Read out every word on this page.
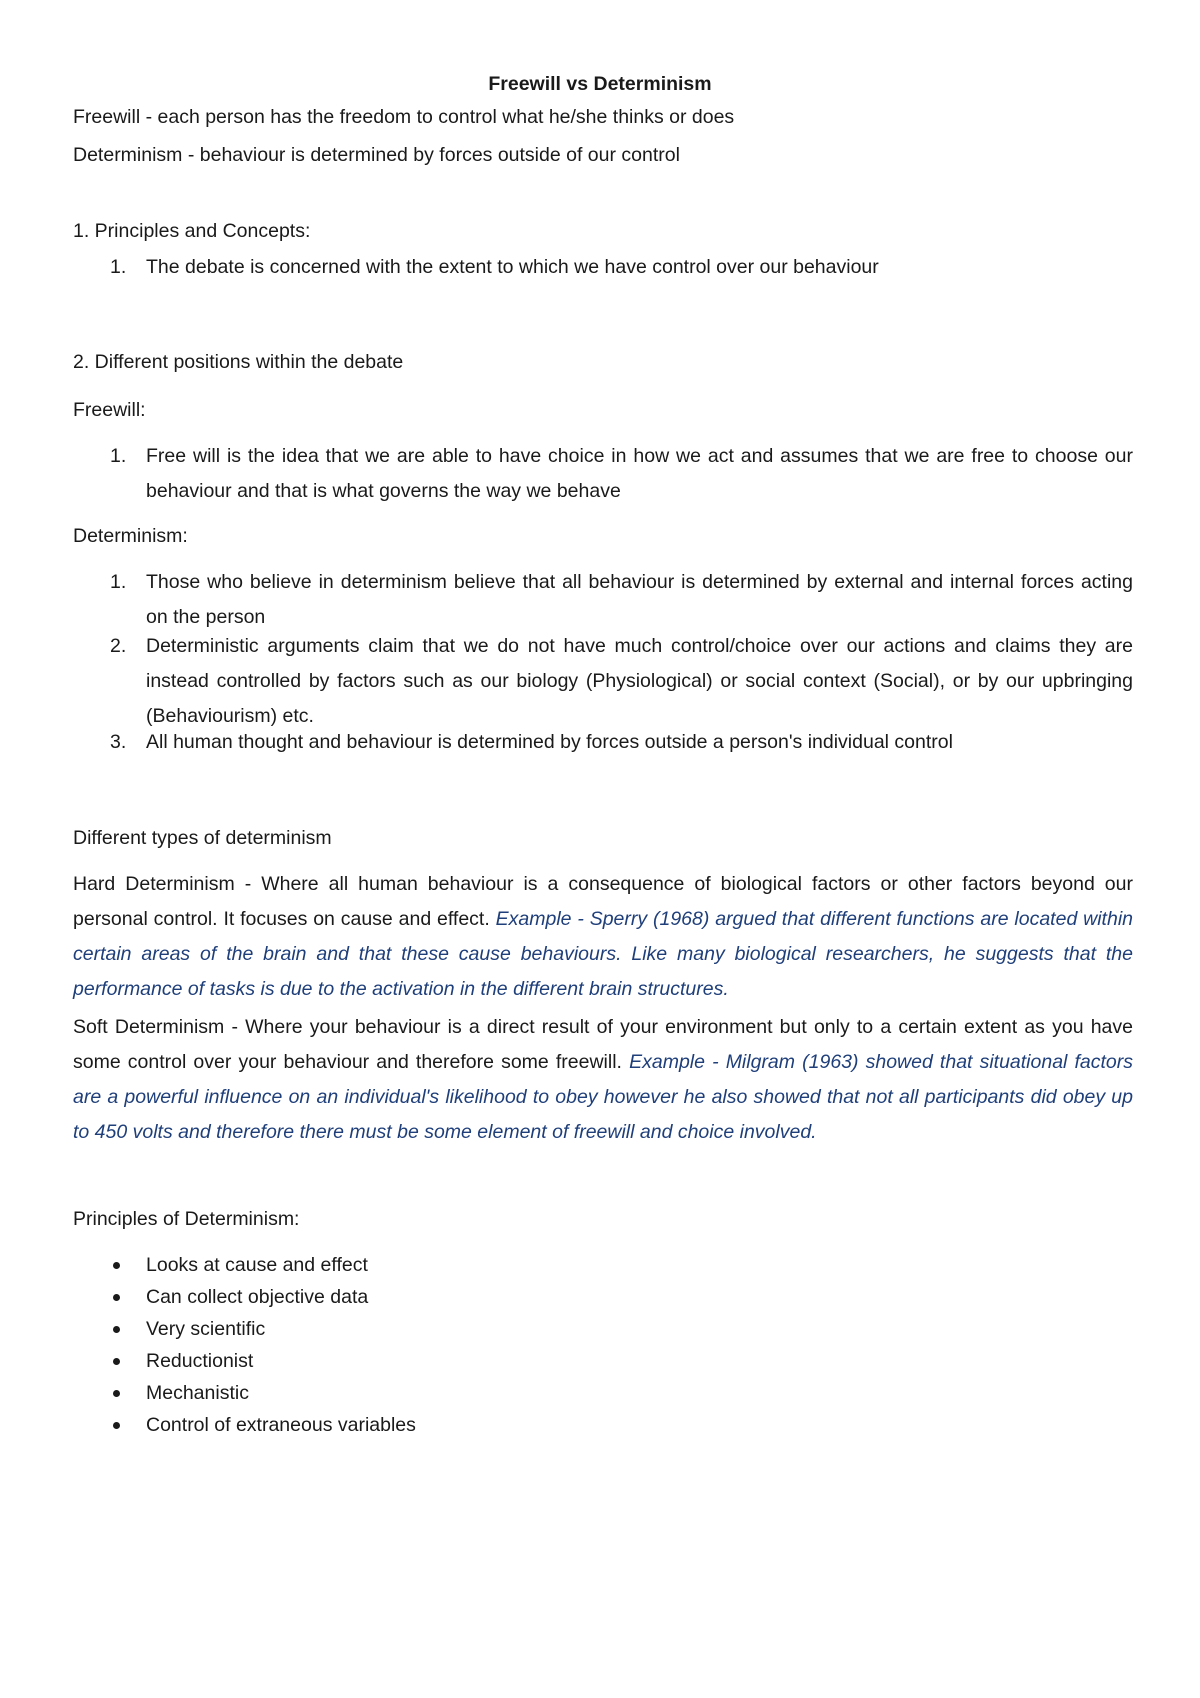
Freewill vs Determinism
Freewill - each person has the freedom to control what he/she thinks or does
Determinism - behaviour is determined by forces outside of our control
1. Principles and Concepts:
1. The debate is concerned with the extent to which we have control over our behaviour
2. Different positions within the debate
Freewill:
1. Free will is the idea that we are able to have choice in how we act and assumes that we are free to choose our behaviour and that is what governs the way we behave
Determinism:
1. Those who believe in determinism believe that all behaviour is determined by external and internal forces acting on the person
2. Deterministic arguments claim that we do not have much control/choice over our actions and claims they are instead controlled by factors such as our biology (Physiological) or social context (Social), or by our upbringing (Behaviourism) etc.
3. All human thought and behaviour is determined by forces outside a person's individual control
Different types of determinism
Hard Determinism - Where all human behaviour is a consequence of biological factors or other factors beyond our personal control. It focuses on cause and effect. Example - Sperry (1968) argued that different functions are located within certain areas of the brain and that these cause behaviours. Like many biological researchers, he suggests that the performance of tasks is due to the activation in the different brain structures.
Soft Determinism - Where your behaviour is a direct result of your environment but only to a certain extent as you have some control over your behaviour and therefore some freewill. Example - Milgram (1963) showed that situational factors are a powerful influence on an individual's likelihood to obey however he also showed that not all participants did obey up to 450 volts and therefore there must be some element of freewill and choice involved.
Principles of Determinism:
Looks at cause and effect
Can collect objective data
Very scientific
Reductionist
Mechanistic
Control of extraneous variables
